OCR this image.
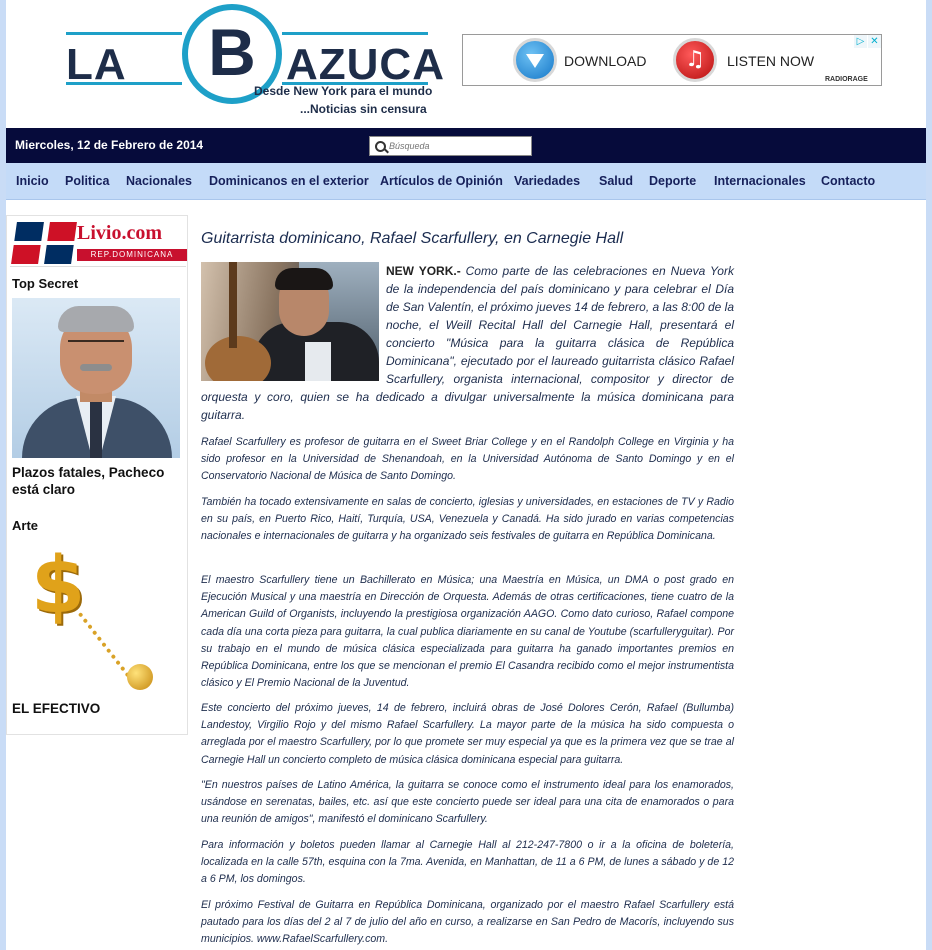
LA	B AZUCA
Desde New York para el mundo
...Noticias sin censura
DOWNLOAD
♫	LISTEN NOW
RADIORAGE
▷ ✕
Miercoles, 12 de Febrero de 2014
Búsqueda
Inicio Politica Nacionales Dominicanos en el exterior Artículos de Opinión Variedades Salud Deporte Internacionales Contacto
Livio.com
REP.DOMINICANA
Top Secret
Plazos fatales, Pacheco está claro
Arte
$
EL EFECTIVO
Guitarrista dominicano, Rafael Scarfullery, en Carnegie Hall
NEW YORK.- Como parte de las celebraciones en Nueva York de la independencia del país dominicano y para celebrar el Día de San Valentín, el próximo jueves 14 de febrero, a las 8:00 de la noche, el Weill Recital Hall del Carnegie Hall, presentará el concierto "Música para la guitarra clásica de República Dominicana", ejecutado por el laureado guitarrista clásico Rafael Scarfullery, organista internacional, compositor y director de orquesta y coro, quien se ha dedicado a divulgar universalmente la música dominicana para guitarra.
Rafael Scarfullery es profesor de guitarra en el Sweet Briar College y en el Randolph College en Virginia y ha sido profesor en la Universidad de Shenandoah, en la Universidad Autónoma de Santo Domingo y en el Conservatorio Nacional de Música de Santo Domingo.
También ha tocado extensivamente en salas de concierto, iglesias y universidades, en estaciones de TV y Radio en su país, en Puerto Rico, Haití, Turquía, USA, Venezuela y Canadá. Ha sido jurado en varias competencias nacionales e internacionales de guitarra y ha organizado seis festivales de guitarra en República Dominicana.
El maestro Scarfullery tiene un Bachillerato en Música; una Maestría en Música, un DMA o post grado en Ejecución Musical y una maestría en Dirección de Orquesta. Además de otras certificaciones, tiene cuatro de la American Guild of Organists, incluyendo la prestigiosa organización AAGO. Como dato curioso, Rafael compone cada día una corta pieza para guitarra, la cual publica diariamente en su canal de Youtube (scarfulleryguitar). Por su trabajo en el mundo de música clásica especializada para guitarra ha ganado importantes premios en República Dominicana, entre los que se mencionan el premio El Casandra recibido como el mejor instrumentista clásico y El Premio Nacional de la Juventud.
Este concierto del próximo jueves, 14 de febrero, incluirá obras de José Dolores Cerón, Rafael (Bullumba) Landestoy, Virgilio Rojo y del mismo Rafael Scarfullery. La mayor parte de la música ha sido compuesta o arreglada por el maestro Scarfullery, por lo que promete ser muy especial ya que es la primera vez que se trae al Carnegie Hall un concierto completo de música clásica dominicana especial para guitarra.
"En nuestros países de Latino América, la guitarra se conoce como el instrumento ideal para los enamorados, usándose en serenatas, bailes, etc. así que este concierto puede ser ideal para una cita de enamorados o para una reunión de amigos", manifestó el dominicano Scarfullery.
Para información y boletos pueden llamar al Carnegie Hall al 212-247-7800 o ir a la oficina de boletería, localizada en la calle 57th, esquina con la 7ma. Avenida, en Manhattan, de 11 a 6 PM, de lunes a sábado y de 12 a 6 PM, los domingos.
El próximo Festival de Guitarra en República Dominicana, organizado por el maestro Rafael Scarfullery está pautado para los días del 2 al 7 de julio del año en curso, a realizarse en San Pedro de Macorís, incluyendo sus municipios. www.RafaelScarfullery.com.
